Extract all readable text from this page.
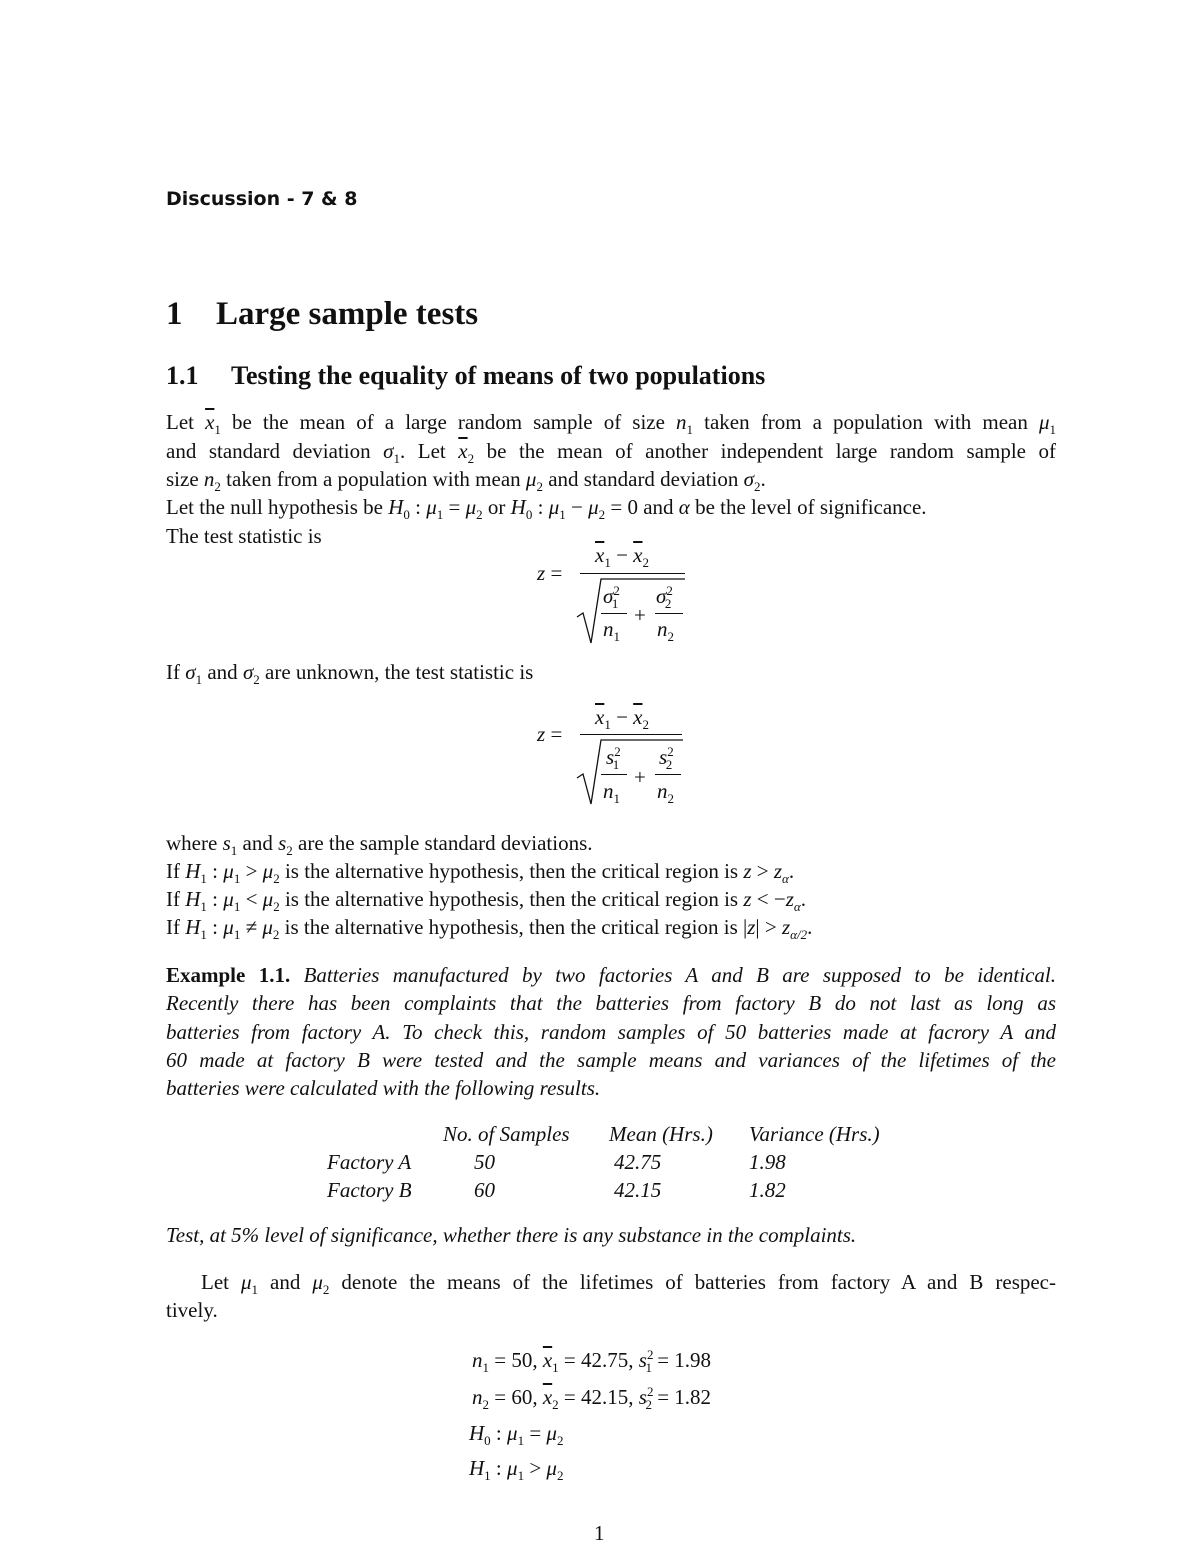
Discussion - 7 & 8
1 Large sample tests
1.1 Testing the equality of means of two populations
Let $\overline{x}_1$ be the mean of a large random sample of size $n_1$ taken from a population with mean $\mu_1$
and standard deviation $\sigma_1$. Let $\overline{x}_2$ be the mean of another independent large random sample of
size $n_2$ taken from a population with mean $\mu_2$ and standard deviation $\sigma_2$.
Let the null hypothesis be $H_0$ : $\mu_1 = \mu_2$ or $H_0$ : $\mu_1 - \mu_2 = 0$ and α be the level of significance.
The test statistic is
z =
$\overline{x}_1 - \overline{x}_2$
$\sigma^2_1$
$n_1$
+
$\sigma^2_2$
$n_2$
If $\sigma_1$ and $\sigma_2$ are unknown, the test statistic is
z =
$\overline{x}_1 - \overline{x}_2$
$s^2_1$
$n_1$
+
$s^2_2$
$n_2$
where $s_1$ and $s_2$ are the sample standard deviations.
If $H_1$ : $\mu_1 > \mu_2$ is the alternative hypothesis, then the critical region is $z > z_\alpha$.
If $H_1$ : $\mu_1 < \mu_2$ is the alternative hypothesis, then the critical region is $z < -z_\alpha$.
If $H_1$ : $\mu_1 \ne \mu_2$ is the alternative hypothesis, then the critical region is $|z| > z_{\alpha/2}$.
Example 1.1. Batteries manufactured by two factories A and B are supposed to be identical.
Recently there has been complaints that the batteries from factory B do not last as long as
batteries from factory A. To check this, random samples of 50 batteries made at facrory A and
60 made at factory B were tested and the sample means and variances of the lifetimes of the
batteries were calculated with the following results.
No. of Samples Mean (Hrs.) Variance (Hrs.)
Factory A	50	42.75	1.98
Factory B	60	42.15	1.82
Test, at 5% level of significance, whether there is any substance in the complaints.
Let $\mu_1$ and $\mu_2$ denote the means of the lifetimes of batteries from factory A and B respec-
tively.
$n_1 = 50$, $\overline{x}_1 = 42.75$, $s^2_1 = 1.98$
$n_2 = 60$, $\overline{x}_2 = 42.15$, $s^2_2 = 1.82$
$H_0$ : $\mu_1 = \mu_2$
$H_1$ : $\mu_1 > \mu_2$
1
